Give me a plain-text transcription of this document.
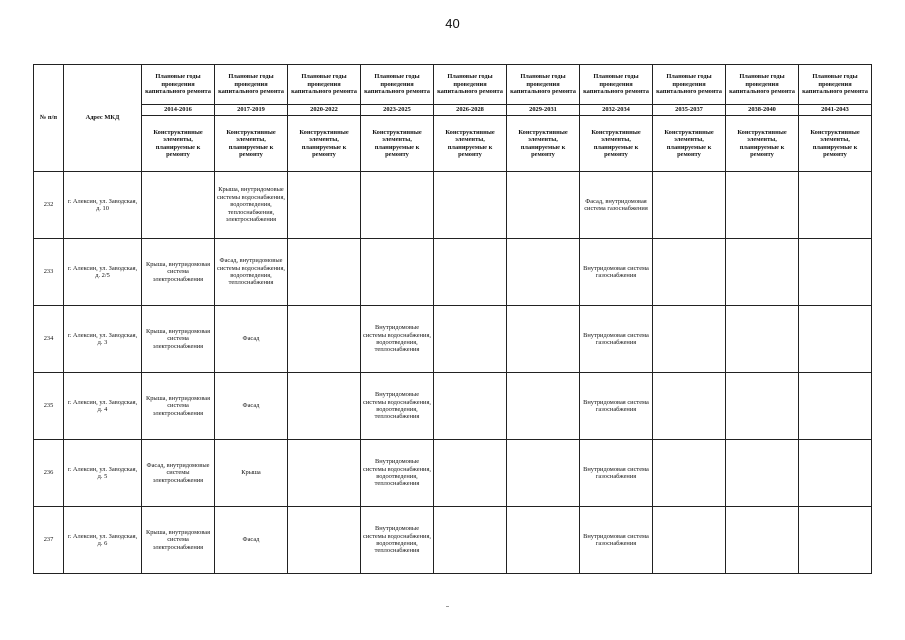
40
№ п/п	Адрес МКД	Плановые годы проведения капитального ремонта	Плановые годы проведения капитального ремонта	Плановые годы проведения капитального ремонта	Плановые годы проведения капитального ремонта	Плановые годы проведения капитального ремонта	Плановые годы проведения капитального ремонта	Плановые годы проведения капитального ремонта	Плановые годы проведения капитального ремонта	Плановые годы проведения капитального ремонта	Плановые годы проведения капитального ремонта
		2014-2016	2017-2019	2020-2022	2023-2025	2026-2028	2029-2031	2032-2034	2035-2037	2038-2040	2041-2043
		Конструктивные элементы, планируемые к ремонту	Конструктивные элементы, планируемые к ремонту	Конструктивные элементы, планируемые к ремонту	Конструктивные элементы, планируемые к ремонту	Конструктивные элементы, планируемые к ремонту	Конструктивные элементы, планируемые к ремонту	Конструктивные элементы, планируемые к ремонту	Конструктивные элементы, планируемые к ремонту	Конструктивные элементы, планируемые к ремонту	Конструктивные элементы, планируемые к ремонту
232	г. Алексин, ул. Заводская, д. 10		Крыша, внутридомовые системы водоснабжения, водоотведения, теплоснабжения, электроснабжения					Фасад, внутридомовая система газоснабжения			
233	г. Алексин, ул. Заводская, д. 2/5	Крыша, внутридомовая система электроснабжения	Фасад, внутридомовые системы водоснабжения, водоотведения, теплоснабжения					Внутридомовая система газоснабжения			
234	г. Алексин, ул. Заводская, д. 3	Крыша, внутридомовая система электроснабжения	Фасад		Внутридомовые системы водоснабжения, водоотведения, теплоснабжения			Внутридомовая система газоснабжения			
235	г. Алексин, ул. Заводская, д. 4	Крыша, внутридомовая система электроснабжения	Фасад		Внутридомовые системы водоснабжения, водоотведения, теплоснабжения			Внутридомовая система газоснабжения			
236	г. Алексин, ул. Заводская, д. 5	Фасад, внутридомовые системы электроснабжения	Крыша		Внутридомовые системы водоснабжения, водоотведения, теплоснабжения			Внутридомовая система газоснабжения			
237	г. Алексин, ул. Заводская, д. 6	Крыша, внутридомовая система электроснабжения	Фасад		Внутридомовые системы водоснабжения, водоотведения, теплоснабжения			Внутридомовая система газоснабжения			
